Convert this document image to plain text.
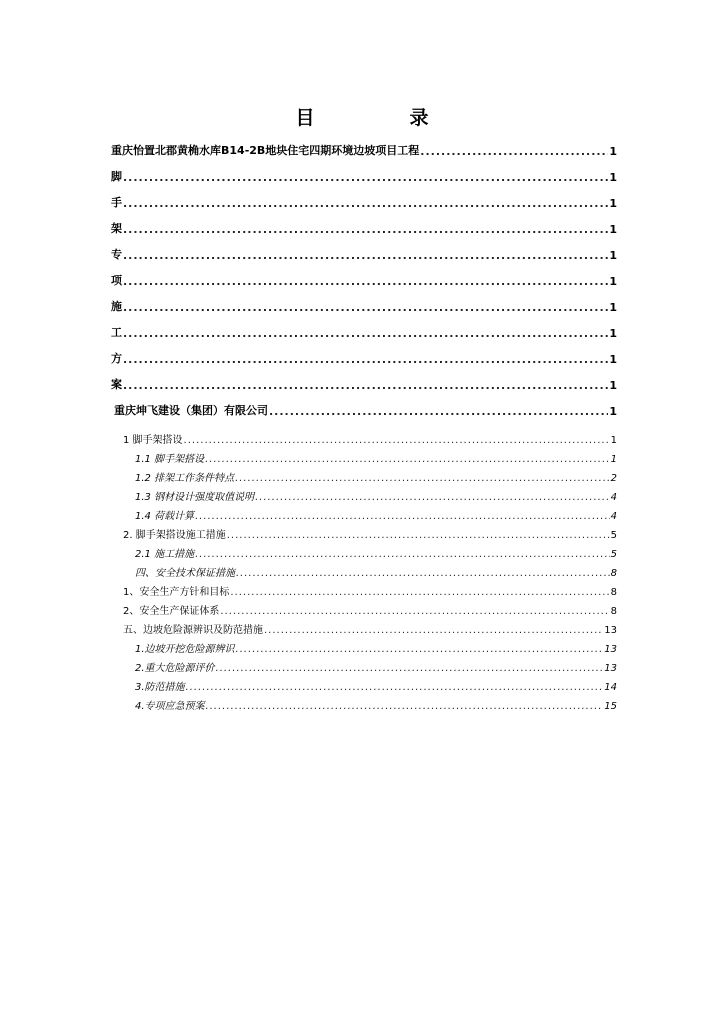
目　录
重庆怡置北郡黄桷水库B14-2B地块住宅四期环境边坡项目工程 .....	1
脚 .....	1
手 .....	1
架 .....	1
专 .....	1
项 .....	1
施 .....	1
工 .....	1
方 .....	1
案 .....	1
重庆坤飞建设（集团）有限公司 .....	1
1 脚手架搭设 .....	1
1.1 脚手架搭设 .....	1
1.2 排架工作条件特点 .....	2
1.3 钢材设计强度取值说明 .....	4
1.4 荷载计算 .....	4
2. 脚手架搭设施工措施 .....	5
2.1 施工措施 .....	5
四、安全技术保证措施 .....	8
1、安全生产方针和目标 .....	8
2、安全生产保证体系 .....	8
五、边坡危险源辨识及防范措施 .....	13
1.边坡开挖危险源辨识 .....	13
2.重大危险源评价 .....	13
3.防范措施 .....	14
4.专项应急预案 .....	15
